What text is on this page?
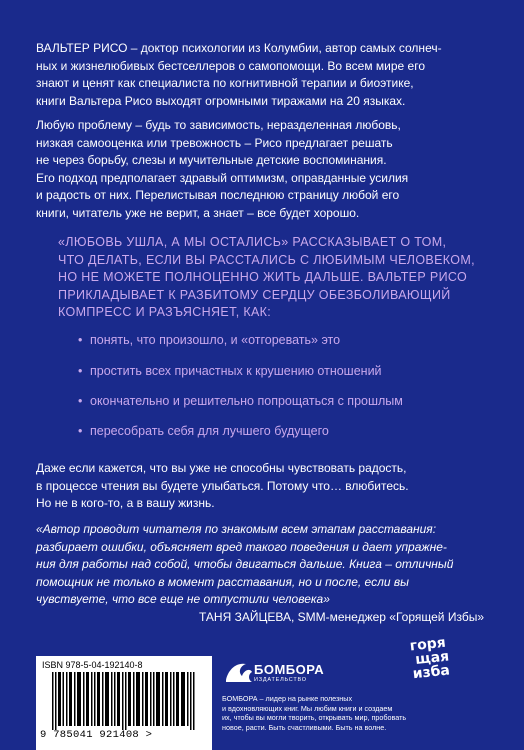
ВАЛЬТЕР РИСО – доктор психологии из Колумбии, автор самых солнеч-
ных и жизнелюбивых бестселлеров о самопомощи. Во всем мире его
знают и ценят как специалиста по когнитивной терапии и биоэтике,
книги Вальтера Рисо выходят огромными тиражами на 20 языках.
Любую проблему – будь то зависимость, неразделенная любовь,
низкая самооценка или тревожность – Рисо предлагает решать
не через борьбу, слезы и мучительные детские воспоминания.
Его подход предполагает здравый оптимизм, оправданные усилия
и радость от них. Перелистывая последнюю страницу любой его
книги, читатель уже не верит, а знает – все будет хорошо.
«ЛЮБОВЬ УШЛА, А МЫ ОСТАЛИСЬ» РАССКАЗЫВАЕТ О ТОМ,
ЧТО ДЕЛАТЬ, ЕСЛИ ВЫ РАССТАЛИСЬ С ЛЮБИМЫМ ЧЕЛОВЕКОМ,
НО НЕ МОЖЕТЕ ПОЛНОЦЕННО ЖИТЬ ДАЛЬШЕ. ВАЛЬТЕР РИСО
ПРИКЛАДЫВАЕТ К РАЗБИТОМУ СЕРДЦУ ОБЕЗБОЛИВАЮЩИЙ
КОМПРЕСС И РАЗЪЯСНЯЕТ, КАК:
• понять, что произошло, и «отгоревать» это
• простить всех причастных к крушению отношений
• окончательно и решительно попрощаться с прошлым
• пересобрать себя для лучшего будущего
Даже если кажется, что вы уже не способны чувствовать радость,
в процессе чтения вы будете улыбаться. Потому что… влюбитесь.
Но не в кого-то, а в вашу жизнь.
«Автор проводит читателя по знакомым всем этапам расставания:
разбирает ошибки, объясняет вред такого поведения и дает упражне-
ния для работы над собой, чтобы двигаться дальше. Книга – отличный
помощник не только в момент расставания, но и после, если вы
чувствуете, что все еще не отпустили человека»
ТАНЯ ЗАЙЦЕВА, SMM-менеджер «Горящей Избы»
ISBN 978-5-04-192140-8
9 785041 921408 >
БОМБОРА
ИЗДАТЕЛЬСТВО
БОМБОРА – лидер на рынке полезных
и вдохновляющих книг. Мы любим книги и создаем
их, чтобы вы могли творить, открывать мир, пробовать
новое, расти. Быть счастливыми. Быть на волне.
горя
щая
изба
